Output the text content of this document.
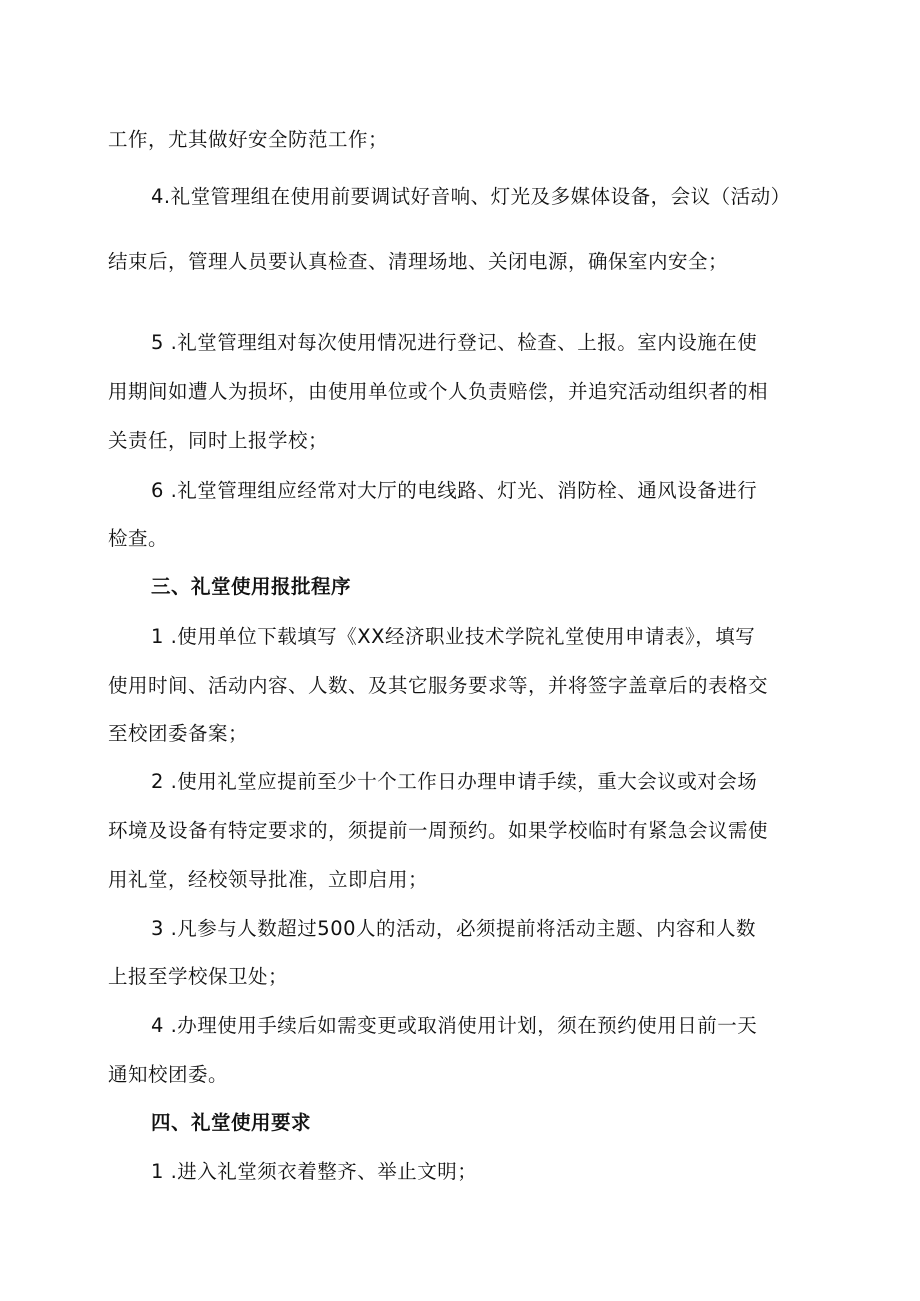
工作，尤其做好安全防范工作；
4.礼堂管理组在使用前要调试好音响、灯光及多媒体设备，会议（活动）
结束后，管理人员要认真检查、清理场地、关闭电源，确保室内安全；
5 .礼堂管理组对每次使用情况进行登记、检查、上报。室内设施在使
用期间如遭人为损坏，由使用单位或个人负责赔偿，并追究活动组织者的相
关责任，同时上报学校；
6 .礼堂管理组应经常对大厅的电线路、灯光、消防栓、通风设备进行
检查。
三、礼堂使用报批程序
1 .使用单位下载填写《XX经济职业技术学院礼堂使用申请表》，填写
使用时间、活动内容、人数、及其它服务要求等，并将签字盖章后的表格交
至校团委备案；
2 .使用礼堂应提前至少十个工作日办理申请手续，重大会议或对会场
环境及设备有特定要求的，须提前一周预约。如果学校临时有紧急会议需使
用礼堂，经校领导批准，立即启用；
3 .凡参与人数超过500人的活动，必须提前将活动主题、内容和人数
上报至学校保卫处；
4 .办理使用手续后如需变更或取消使用计划，须在预约使用日前一天
通知校团委。
四、礼堂使用要求
1 .进入礼堂须衣着整齐、举止文明；
